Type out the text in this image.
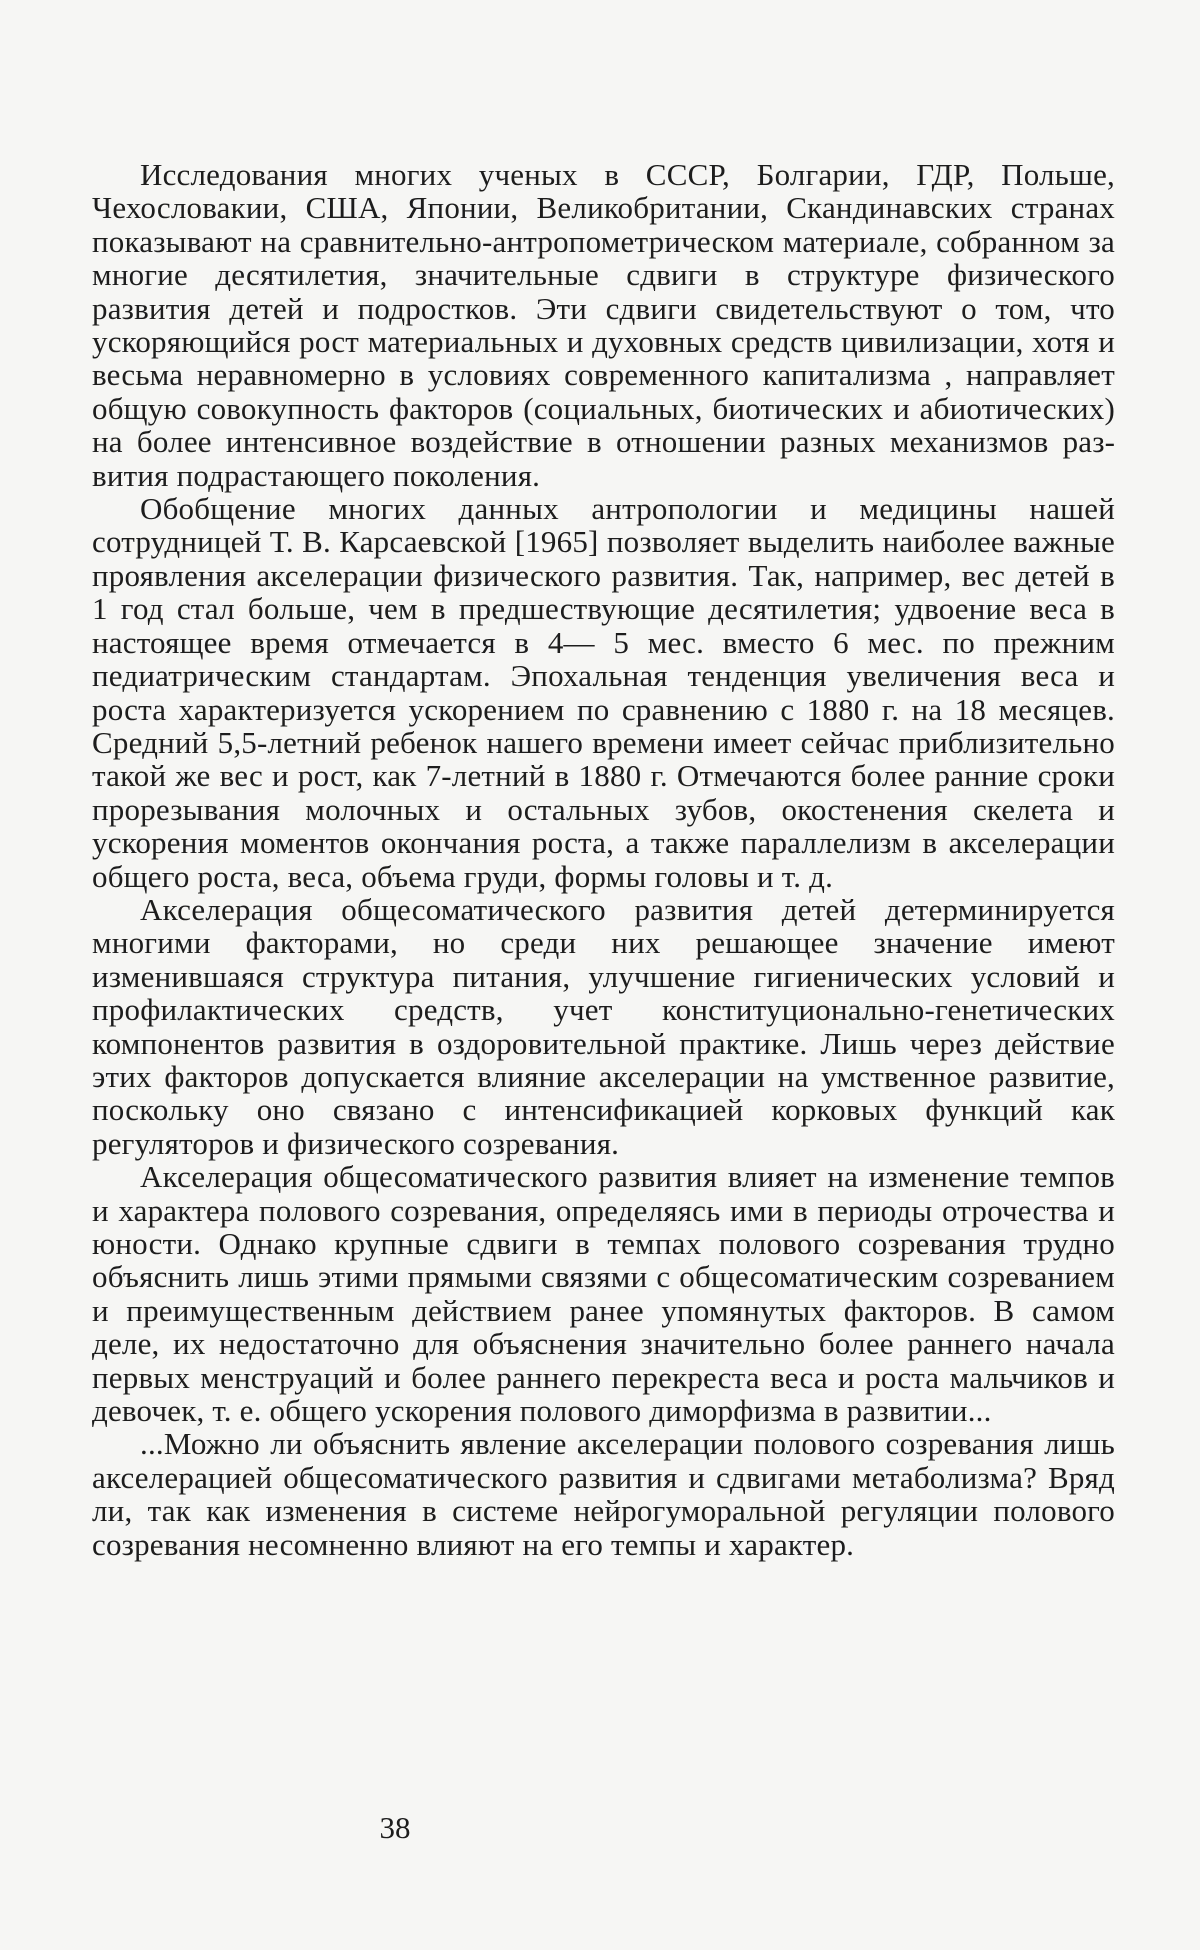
Исследования многих ученых в СССР, Болгарии, ГДР, Польше, Чехословакии, США, Японии, Великобритании, Скандинавских странах показывают на сравнительно-антропометрическом материале, собранном за многие десятилетия, значительные сдвиги в структуре физического развития детей и подростков. Эти сдвиги свидетельствуют о том, что ускоряющийся рост материальных и духовных средств цивилизации, хотя и весьма неравномерно в условиях современного капитализма , направляет общую совокупность факторов (социальных, биотических и абиотических) на более интенсивное воздействие в отношении разных механизмов развития подрастающего поколения.

Обобщение многих данных антропологии и медицины нашей сотрудницей Т. В. Карсаевской [1965] позволяет выделить наиболее важные проявления акселерации физического развития. Так, например, вес детей в 1 год стал больше, чем в предшествующие десятилетия; удвоение веса в настоящее время отмечается в 4— 5 мес. вместо 6 мес. по прежним педиатрическим стандартам. Эпохальная тенденция увеличения веса и роста характеризуется ускорением по сравнению с 1880 г. на 18 месяцев. Средний 5,5-летний ребенок нашего времени имеет сейчас приблизительно такой же вес и рост, как 7-летний в 1880 г. Отмечаются более ранние сроки прорезывания молочных и остальных зубов, окостенения скелета и ускорения моментов окончания роста, а также параллелизм в акселерации общего роста, веса, объема груди, формы головы и т. д.

Акселерация общесоматического развития детей детерминируется многими факторами, но среди них решающее значение имеют изменившаяся структура питания, улучшение гигиенических условий и профилактических средств, учет конституционально-генетических компонентов развития в оздоровительной практике. Лишь через действие этих факторов допускается влияние акселерации на умственное развитие, поскольку оно связано с интенсификацией корковых функций как регуляторов и физического созревания.

Акселерация общесоматического развития влияет на изменение темпов и характера полового созревания, определяясь ими в периоды отрочества и юности. Однако крупные сдвиги в темпах полового созревания трудно объяснить лишь этими прямыми связями с общесоматическим созреванием и преимущественным действием ранее упомянутых факторов. В самом деле, их недостаточно для объяснения значительно более раннего начала первых менструаций и более раннего перекреста веса и роста мальчиков и девочек, т. е. общего ускорения полового диморфизма в развитии...

...Можно ли объяснить явление акселерации полового созревания лишь акселерацией общесоматического развития и сдвигами метаболизма? Вряд ли, так как изменения в системе нейрогуморальной регуляции полового созревания несомненно влияют на его темпы и характер.

38
